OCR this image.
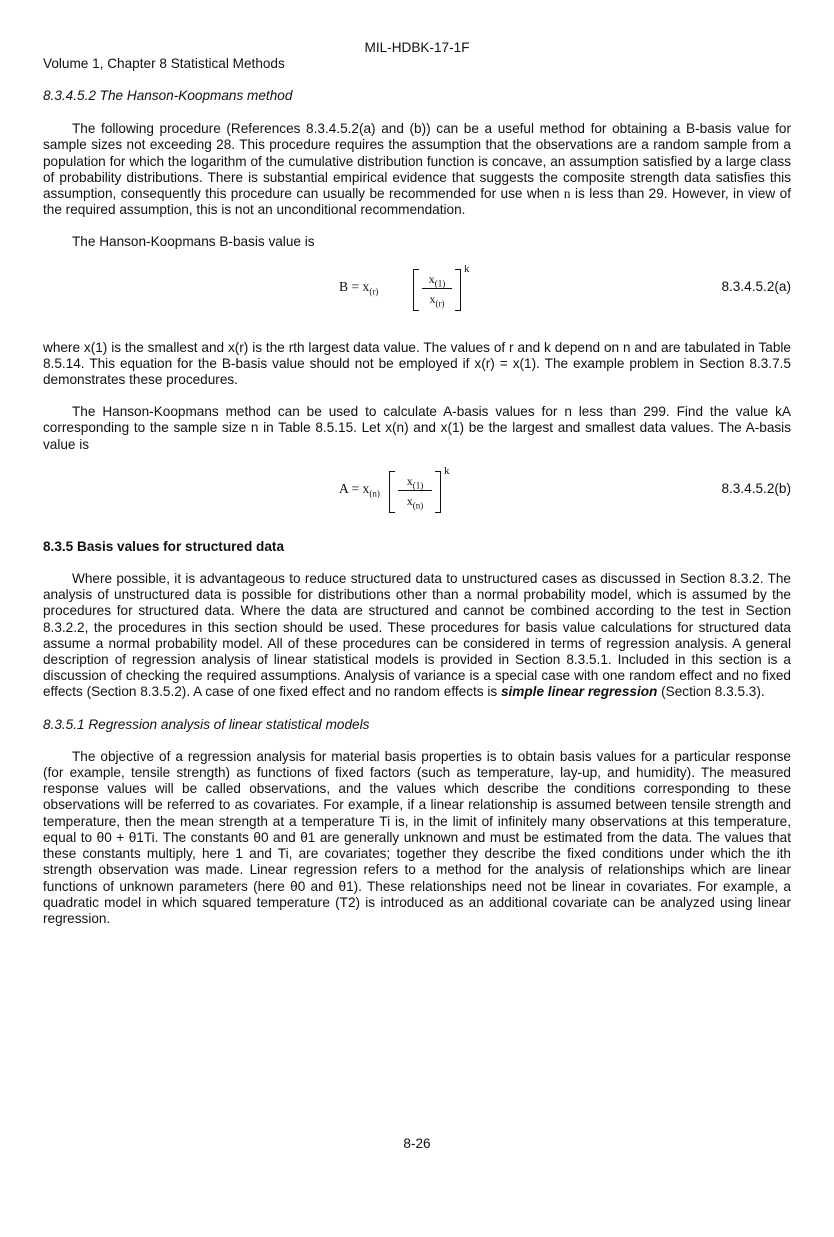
MIL-HDBK-17-1F
Volume 1, Chapter 8 Statistical Methods
8.3.4.5.2 The Hanson-Koopmans method

The following procedure (References 8.3.4.5.2(a) and (b)) can be a useful method for obtaining a B-basis value for sample sizes not exceeding 28. This procedure requires the assumption that the observations are a random sample from a population for which the logarithm of the cumulative distribution function is concave, an assumption satisfied by a large class of probability distributions. There is substantial empirical evidence that suggests the composite strength data satisfies this assumption, consequently this procedure can usually be recommended for use when n is less than 29. However, in view of the required assumption, this is not an unconditional recommendation.

The Hanson-Koopmans B-basis value is

$B = x_{(r)}$
$x_{(1)}$
$x_{(r)}$
k
8.3.4.5.2(a)

where x(1) is the smallest and x(r) is the rth largest data value. The values of r and k depend on n and are tabulated in Table 8.5.14. This equation for the B-basis value should not be employed if x(r) = x(1). The example problem in Section 8.3.7.5 demonstrates these procedures.

The Hanson-Koopmans method can be used to calculate A-basis values for n less than 299. Find the value kA corresponding to the sample size n in Table 8.5.15. Let x(n) and x(1) be the largest and smallest data values. The A-basis value is

$A = x_{(n)}$
$x_{(1)}$
$x_{(n)}$
k
8.3.4.5.2(b)
8.3.5 Basis values for structured data

Where possible, it is advantageous to reduce structured data to unstructured cases as discussed in Section 8.3.2. The analysis of unstructured data is possible for distributions other than a normal probability model, which is assumed by the procedures for structured data. Where the data are structured and cannot be combined according to the test in Section 8.3.2.2, the procedures in this section should be used. These procedures for basis value calculations for structured data assume a normal probability model. All of these procedures can be considered in terms of regression analysis. A general description of regression analysis of linear statistical models is provided in Section 8.3.5.1. Included in this section is a discussion of checking the required assumptions. Analysis of variance is a special case with one random effect and no fixed effects (Section 8.3.5.2). A case of one fixed effect and no random effects is simple linear regression (Section 8.3.5.3).

8.3.5.1 Regression analysis of linear statistical models

The objective of a regression analysis for material basis properties is to obtain basis values for a particular response (for example, tensile strength) as functions of fixed factors (such as temperature, lay-up, and humidity). The measured response values will be called observations, and the values which describe the conditions corresponding to these observations will be referred to as covariates. For example, if a linear relationship is assumed between tensile strength and temperature, then the mean strength at a temperature Ti is, in the limit of infinitely many observations at this temperature, equal to θ0 + θ1Ti. The constants θ0 and θ1 are generally unknown and must be estimated from the data. The values that these constants multiply, here 1 and Ti, are covariates; together they describe the fixed conditions under which the ith strength observation was made. Linear regression refers to a method for the analysis of relationships which are linear functions of unknown parameters (here θ0 and θ1). These relationships need not be linear in covariates. For example, a quadratic model in which squared temperature (T2) is introduced as an additional covariate can be analyzed using linear regression.

8-26
